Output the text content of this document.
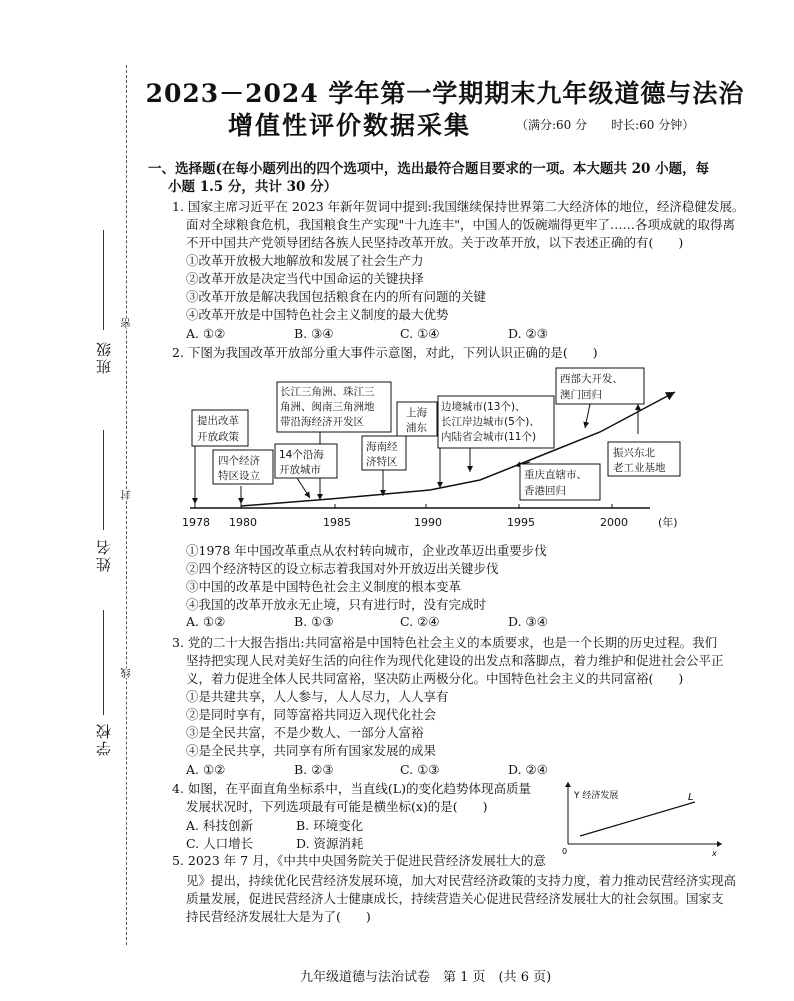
密
封
线
班级
姓名
学校
2023－2024 学年第一学期期末九年级道德与法治
增值性评价数据采集	（满分:60 分　　时长:60 分钟）
一、选择题(在每小题列出的四个选项中，选出最符合题目要求的一项。本大题共 20 小题，每
小题 1.5 分，共计 30 分）
1. 国家主席习近平在 2023 年新年贺词中提到:我国继续保持世界第二大经济体的地位，经济稳健发展。
面对全球粮食危机，我国粮食生产实现"十九连丰"，中国人的饭碗端得更牢了……各项成就的取得离
不开中国共产党领导团结各族人民坚持改革开放。关于改革开放，以下表述正确的有(　　)
①改革开放极大地解放和发展了社会生产力
②改革开放是决定当代中国命运的关键抉择
③改革开放是解决我国包括粮食在内的所有问题的关键
④改革开放是中国特色社会主义制度的最大优势
A. ①②	B. ③④	C. ①④	D. ②③
2. 下图为我国改革开放部分重大事件示意图，对此，下列认识正确的是(　　)
1978 1980	1985	1990	1995	2000	(年)
提出改革
开放政策
四个经济
特区设立
14个沿海
开放城市
长江三角洲、珠江三
角洲、闽南三角洲地
带沿海经济开发区
海南经
济特区
上海
浦东
边境城市(13个)、
长江岸边城市(5个)、
内陆省会城市(11个)
重庆直辖市、
香港回归
西部大开发、
澳门回归
振兴东北
老工业基地
①1978 年中国改革重点从农村转向城市，企业改革迈出重要步伐
②四个经济特区的设立标志着我国对外开放迈出关键步伐
③中国的改革是中国特色社会主义制度的根本变革
④我国的改革开放永无止境，只有进行时，没有完成时
A. ①②	B. ①③	C. ②④	D. ③④
3. 党的二十大报告指出:共同富裕是中国特色社会主义的本质要求，也是一个长期的历史过程。我们
坚持把实现人民对美好生活的向往作为现代化建设的出发点和落脚点，着力维护和促进社会公平正
义，着力促进全体人民共同富裕，坚决防止两极分化。中国特色社会主义的共同富裕(　　)
①是共建共享，人人参与，人人尽力，人人享有
②是同时享有，同等富裕共同迈入现代化社会
③是全民共富，不是少数人、一部分人富裕
④是全民共享，共同享有所有国家发展的成果
A. ①②	B. ②③	C. ①③	D. ②④
4. 如图，在平面直角坐标系中，当直线(L)的变化趋势体现高质量
发展状况时，下列选项最有可能是横坐标(x)的是(　　)
A. 科技创新	B. 环境变化
C. 人口增长	D. 资源消耗
Y 经济发展	L
0	x
5. 2023 年 7 月，《中共中央国务院关于促进民营经济发展壮大的意
见》提出，持续优化民营经济发展环境，加大对民营经济政策的支持力度，着力推动民营经济实现高
质量发展，促进民营经济人士健康成长，持续营造关心促进民营经济发展壮大的社会氛围。国家支
持民营经济发展壮大是为了(　　)
九年级道德与法治试卷　第 1 页　(共 6 页)
